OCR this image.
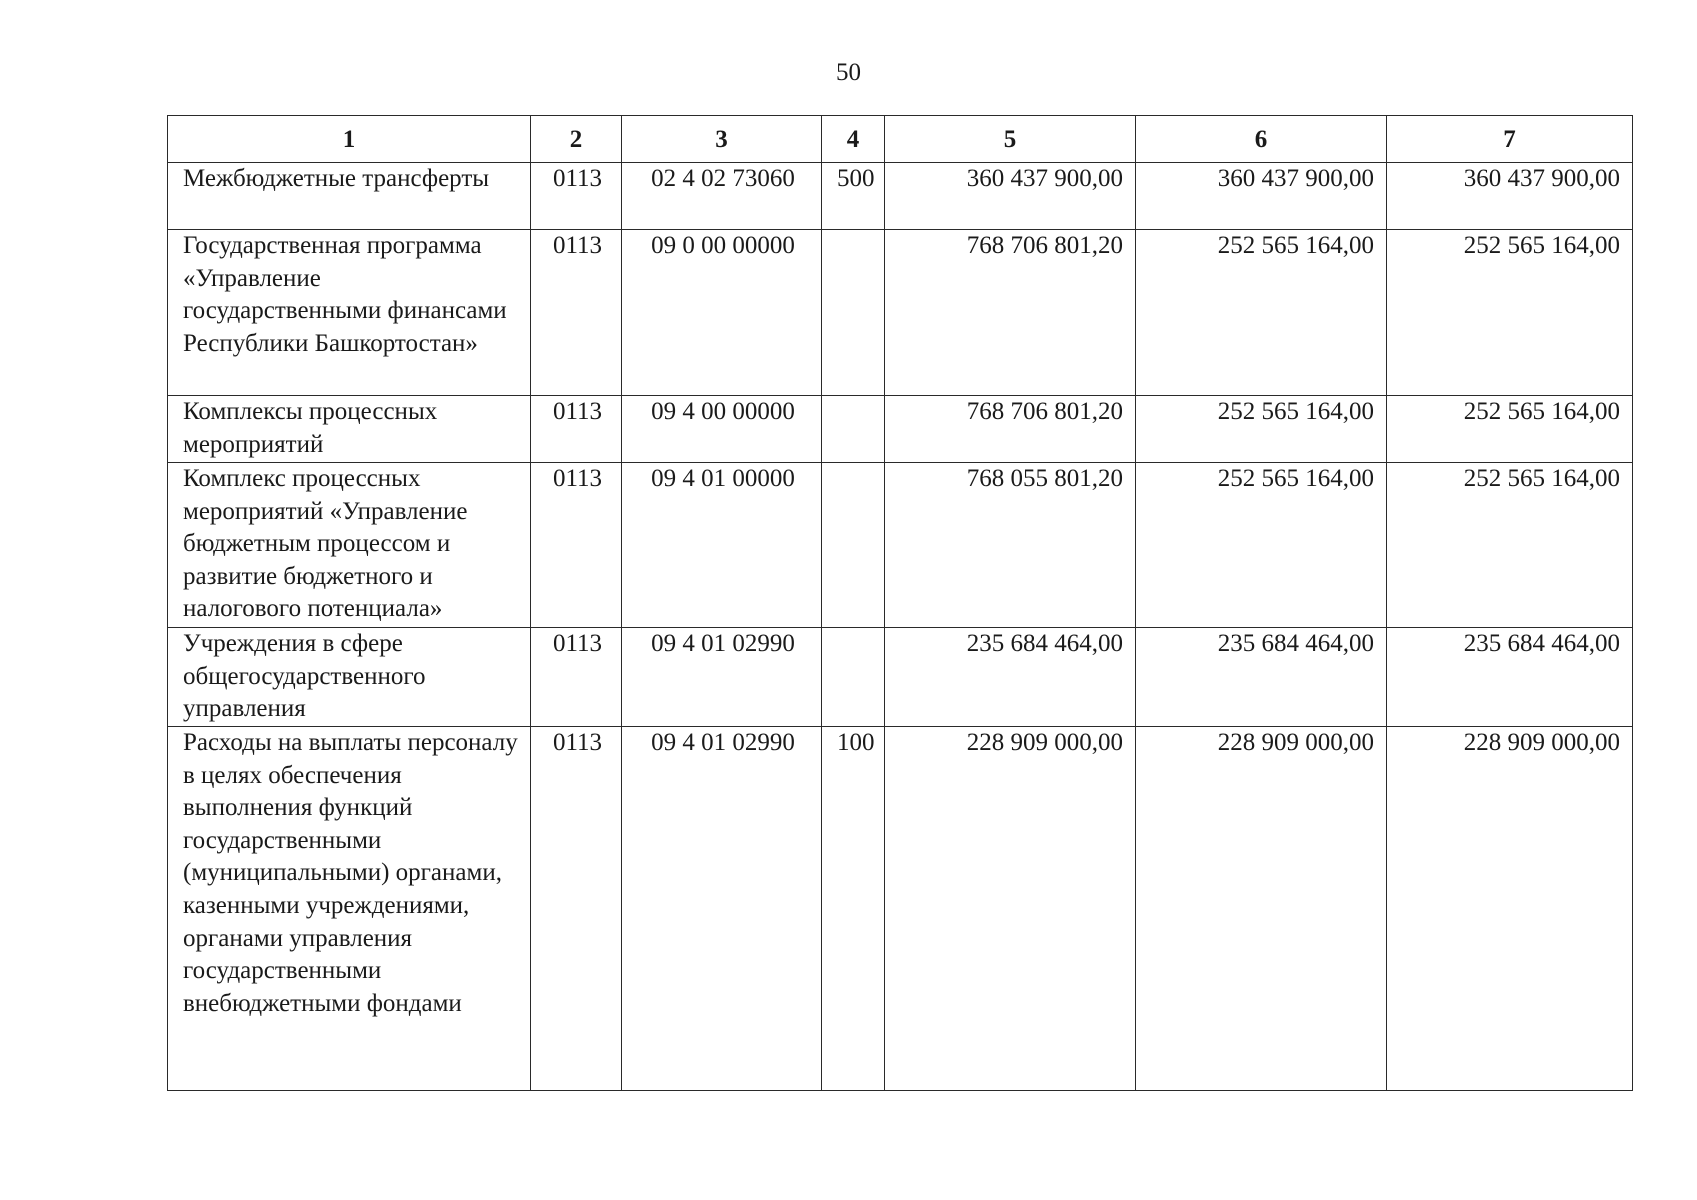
50
1	2	3	4	5	6	7
Межбюджетные трансферты	0113	02 4 02 73060	500	360 437 900,00	360 437 900,00	360 437 900,00
Государственная программа «Управление государственными финансами Республики Башкортостан»	0113	09 0 00 00000		768 706 801,20	252 565 164,00	252 565 164,00
Комплексы процессных мероприятий	0113	09 4 00 00000		768 706 801,20	252 565 164,00	252 565 164,00
Комплекс процессных мероприятий «Управление бюджетным процессом и развитие бюджетного и налогового потенциала»	0113	09 4 01 00000		768 055 801,20	252 565 164,00	252 565 164,00
Учреждения в сфере общегосударственного управления	0113	09 4 01 02990		235 684 464,00	235 684 464,00	235 684 464,00
Расходы на выплаты персоналу в целях обеспечения выполнения функций государственными (муниципальными) органами, казенными учреждениями, органами управления государственными внебюджетными фондами	0113	09 4 01 02990	100	228 909 000,00	228 909 000,00	228 909 000,00
